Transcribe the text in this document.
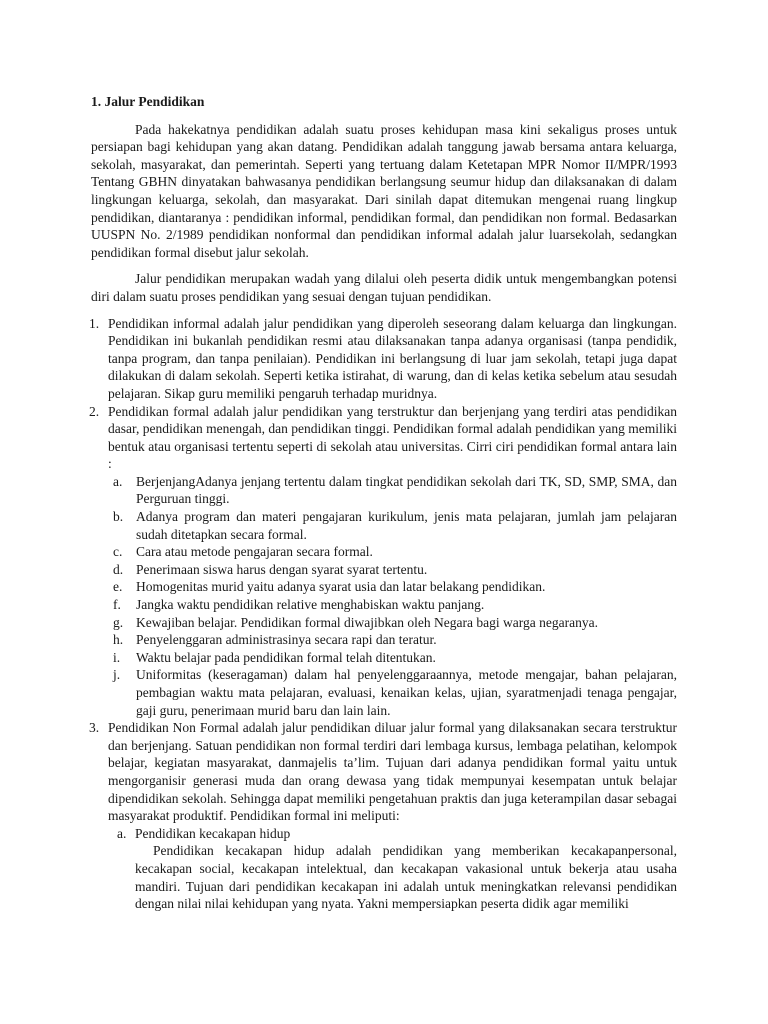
1. Jalur Pendidikan

Pada hakekatnya pendidikan adalah suatu proses kehidupan masa kini sekaligus proses untuk persiapan bagi kehidupan yang akan datang. Pendidikan adalah tanggung jawab bersama antara keluarga, sekolah, masyarakat, dan pemerintah. Seperti yang tertuang dalam Ketetapan MPR Nomor II/MPR/1993 Tentang GBHN dinyatakan bahwasanya pendidikan berlangsung seumur hidup dan dilaksanakan di dalam lingkungan keluarga, sekolah, dan masyarakat. Dari sinilah dapat ditemukan mengenai ruang lingkup pendidikan, diantaranya : pendidikan informal, pendidikan formal, dan pendidikan non formal. Bedasarkan UUSPN No. 2/1989 pendidikan nonformal dan pendidikan informal adalah jalur luarsekolah, sedangkan pendidikan formal disebut jalur sekolah.

Jalur pendidikan merupakan wadah yang dilalui oleh peserta didik untuk mengembangkan potensi diri dalam suatu proses pendidikan yang sesuai dengan tujuan pendidikan.

1. Pendidikan informal adalah jalur pendidikan yang diperoleh seseorang dalam keluarga dan lingkungan. Pendidikan ini bukanlah pendidikan resmi atau dilaksanakan tanpa adanya organisasi (tanpa pendidik, tanpa program, dan tanpa penilaian). Pendidikan ini berlangsung di luar jam sekolah, tetapi juga dapat dilakukan di dalam sekolah. Seperti ketika istirahat, di warung, dan di kelas ketika sebelum atau sesudah pelajaran. Sikap guru memiliki pengaruh terhadap muridnya.
2. Pendidikan formal adalah jalur pendidikan yang terstruktur dan berjenjang yang terdiri atas pendidikan dasar, pendidikan menengah, dan pendidikan tinggi. Pendidikan formal adalah pendidikan yang memiliki bentuk atau organisasi tertentu seperti di sekolah atau universitas. Cirri ciri pendidikan formal antara lain :
a. BerjenjangAdanya jenjang tertentu dalam tingkat pendidikan sekolah dari TK, SD, SMP, SMA, dan Perguruan tinggi.
b. Adanya program dan materi pengajaran kurikulum, jenis mata pelajaran, jumlah jam pelajaran sudah ditetapkan secara formal.
c. Cara atau metode pengajaran secara formal.
d. Penerimaan siswa harus dengan syarat syarat tertentu.
e. Homogenitas murid yaitu adanya syarat usia dan latar belakang pendidikan.
f. Jangka waktu pendidikan relative menghabiskan waktu panjang.
g. Kewajiban belajar. Pendidikan formal diwajibkan oleh Negara bagi warga negaranya.
h. Penyelenggaran administrasinya secara rapi dan teratur.
i. Waktu belajar pada pendidikan formal telah ditentukan.
j. Uniformitas (keseragaman) dalam hal penyelenggaraannya, metode mengajar, bahan pelajaran, pembagian waktu mata pelajaran, evaluasi, kenaikan kelas, ujian, syaratmenjadi tenaga pengajar, gaji guru, penerimaan murid baru dan lain lain.
3. Pendidikan Non Formal adalah jalur pendidikan diluar jalur formal yang dilaksanakan secara terstruktur dan berjenjang. Satuan pendidikan non formal terdiri dari lembaga kursus, lembaga pelatihan, kelompok belajar, kegiatan masyarakat, danmajelis ta’lim. Tujuan dari adanya pendidikan formal yaitu untuk mengorganisir generasi muda dan orang dewasa yang tidak mempunyai kesempatan untuk belajar dipendidikan sekolah. Sehingga dapat memiliki pengetahuan praktis dan juga keterampilan dasar sebagai masyarakat produktif. Pendidikan formal ini meliputi:
a. Pendidikan kecakapan hidup

Pendidikan kecakapan hidup adalah pendidikan yang memberikan kecakapanpersonal, kecakapan social, kecakapan intelektual, dan kecakapan vakasional untuk bekerja atau usaha mandiri. Tujuan dari pendidikan kecakapan ini adalah untuk meningkatkan relevansi pendidikan dengan nilai nilai kehidupan yang nyata. Yakni mempersiapkan peserta didik agar memiliki
